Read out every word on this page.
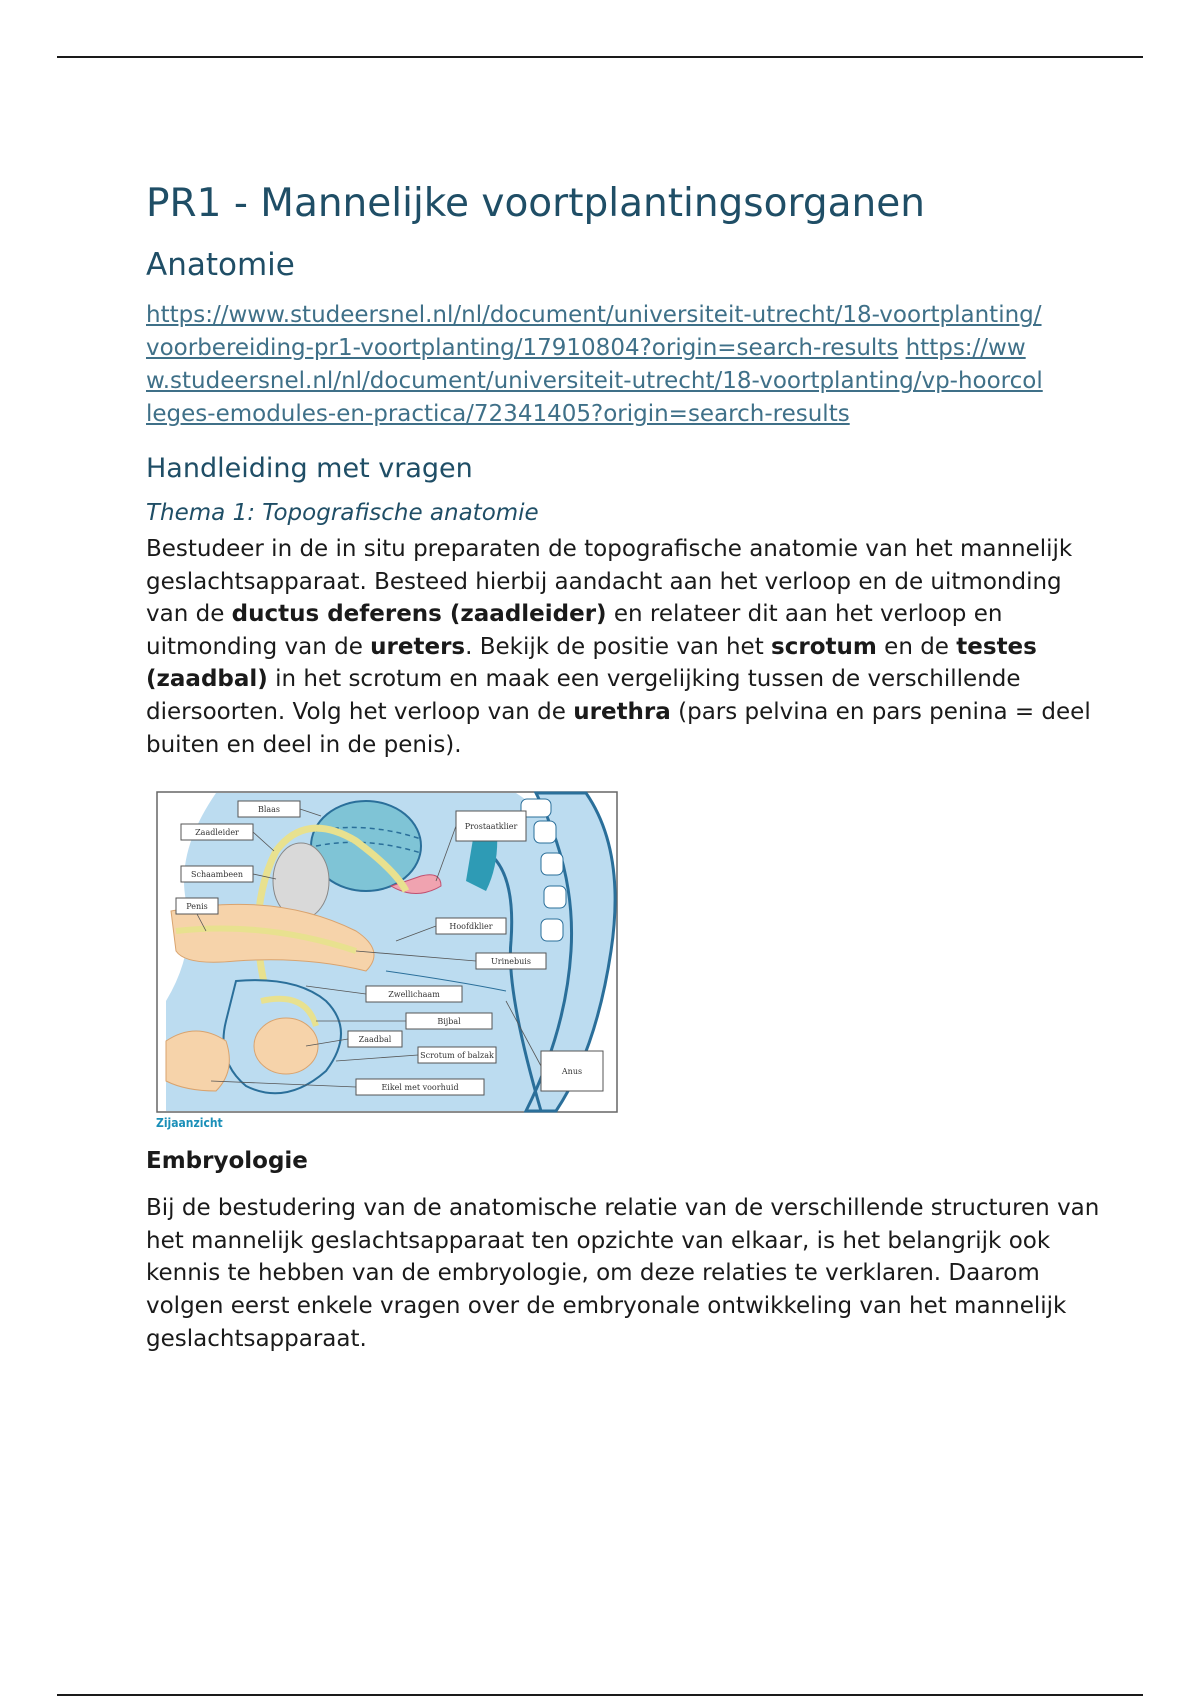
PR1 - Mannelijke voortplantingsorganen
Anatomie
https://www.studeersnel.nl/nl/document/universiteit-utrecht/18-voortplanting/voorbereiding-pr1-voortplanting/17910804?origin=search-results https://www.studeersnel.nl/nl/document/universiteit-utrecht/18-voortplanting/vp-hoorcolleges-emodules-en-practica/72341405?origin=search-results
Handleiding met vragen
Thema 1: Topografische anatomie

Bestudeer in de in situ preparaten de topografische anatomie van het mannelijk geslachtsapparaat. Besteed hierbij aandacht aan het verloop en de uitmonding van de ductus deferens (zaadleider) en relateer dit aan het verloop en uitmonding van de ureters. Bekijk de positie van het scrotum en de testes (zaadbal) in het scrotum en maak een vergelijking tussen de verschillende diersoorten. Volg het verloop van de urethra (pars pelvina en pars penina = deel buiten en deel in de penis).

Blaas
Zaadleider
Schaambeen
Penis
Prostaatklier
Hoofdklier
Urinebuis
Zwellichaam
Bijbal
Zaadbal
Scrotum of balzak
Anus
Eikel met voorhuid
Zijaanzicht
Embryologie

Bij de bestudering van de anatomische relatie van de verschillende structuren van het mannelijk geslachtsapparaat ten opzichte van elkaar, is het belangrijk ook kennis te hebben van de embryologie, om deze relaties te verklaren. Daarom volgen eerst enkele vragen over de embryonale ontwikkeling van het mannelijk geslachtsapparaat.
